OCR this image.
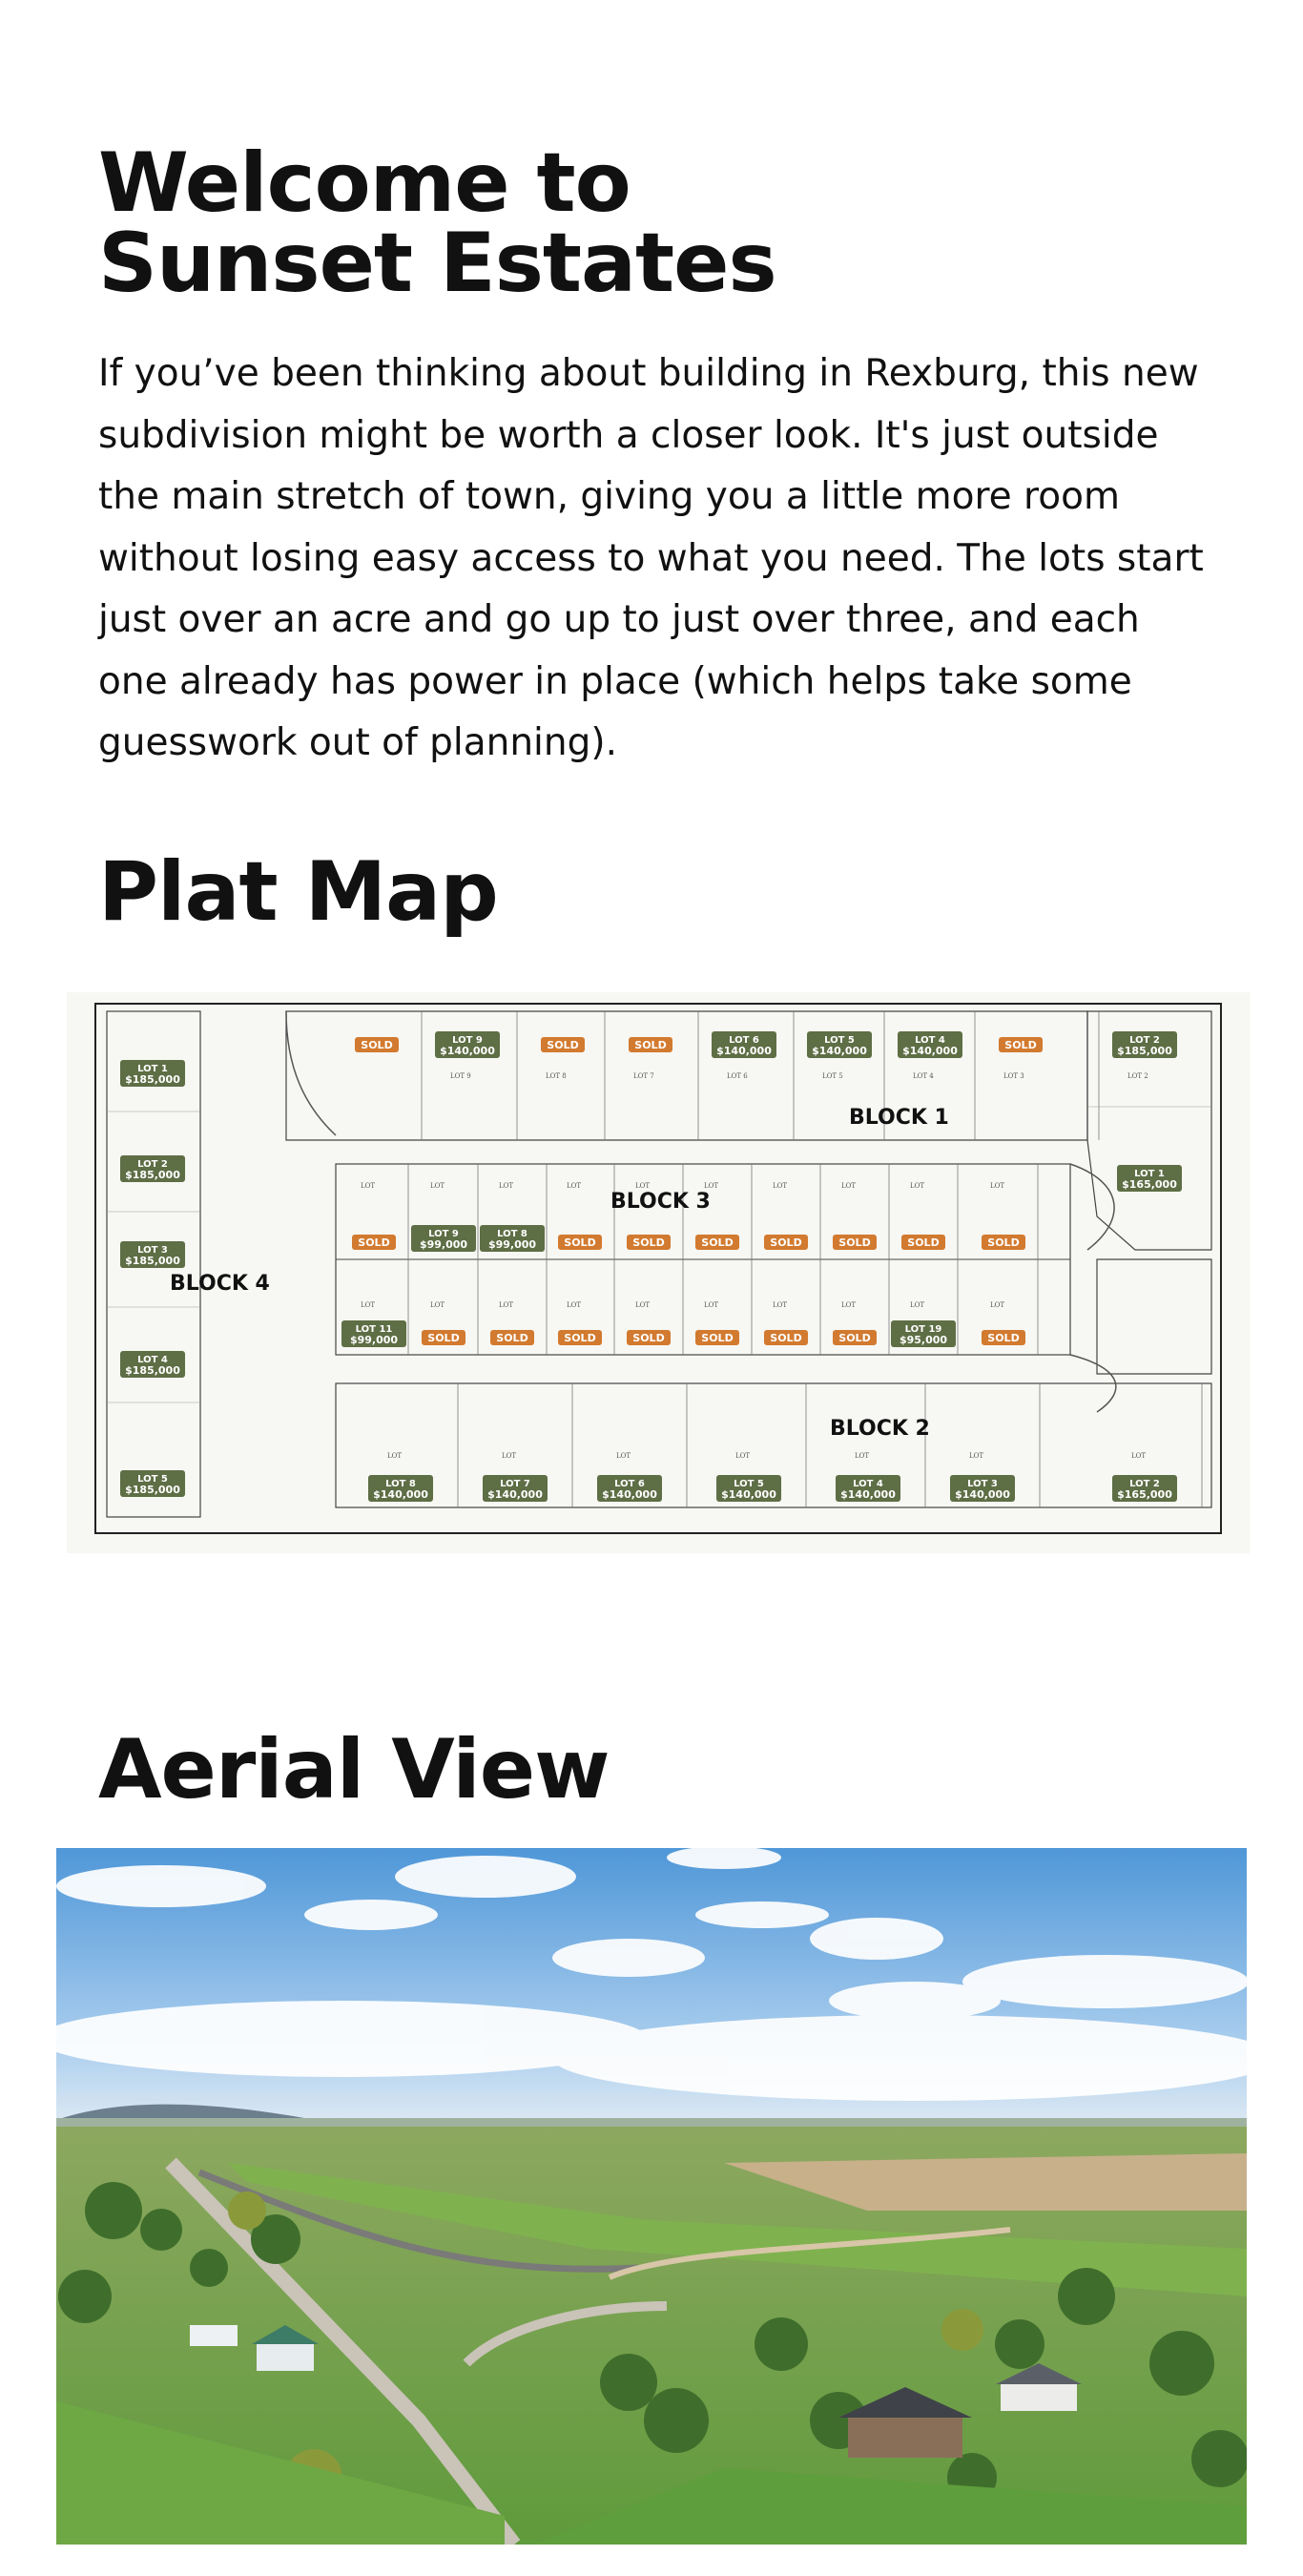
Welcome to
Sunset Estates

If you’ve been thinking about building in Rexburg, this new subdivision might be worth a closer look. It's just outside the main stretch of town, giving you a little more room without losing easy access to what you need. The lots start just over an acre and go up to just over three, and each one already has power in place (which helps take some guesswork out of planning).

Plat Map
LOT 9	LOT 8	LOT 7	LOT 6	LOT 5	LOT 4	LOT 3	LOT 2
LOT	LOT	LOT	LOT	LOT	LOT	LOT	LOT	LOT	LOT
LOT	LOT	LOT	LOT	LOT	LOT	LOT	LOT	LOT	LOT
LOT	LOT	LOT	LOT	LOT	LOT	LOT
BLOCK 1
BLOCK 3
BLOCK 4
BLOCK 2
SOLD	LOT 9
$140,000	SOLD	SOLD	LOT 6
$140,000
LOT 5
$140,000
LOT 4
$140,000	SOLD	LOT 2
$185,000
LOT 1
$165,000
LOT 1
$185,000
LOT 2
$185,000
LOT 3
$185,000
LOT 4
$185,000
LOT 5
$185,000
SOLD
LOT 9
$99,000
LOT 8
$99,000	SOLD	SOLD	SOLD	SOLD	SOLD	SOLD	SOLD
LOT 11
$99,000	SOLD	SOLD	SOLD	SOLD	SOLD	SOLD	SOLD
LOT 19
$95,000	SOLD
LOT 8
$140,000
LOT 7
$140,000
LOT 6
$140,000
LOT 5
$140,000
LOT 4
$140,000
LOT 3
$140,000
LOT 2
$165,000
Aerial View
